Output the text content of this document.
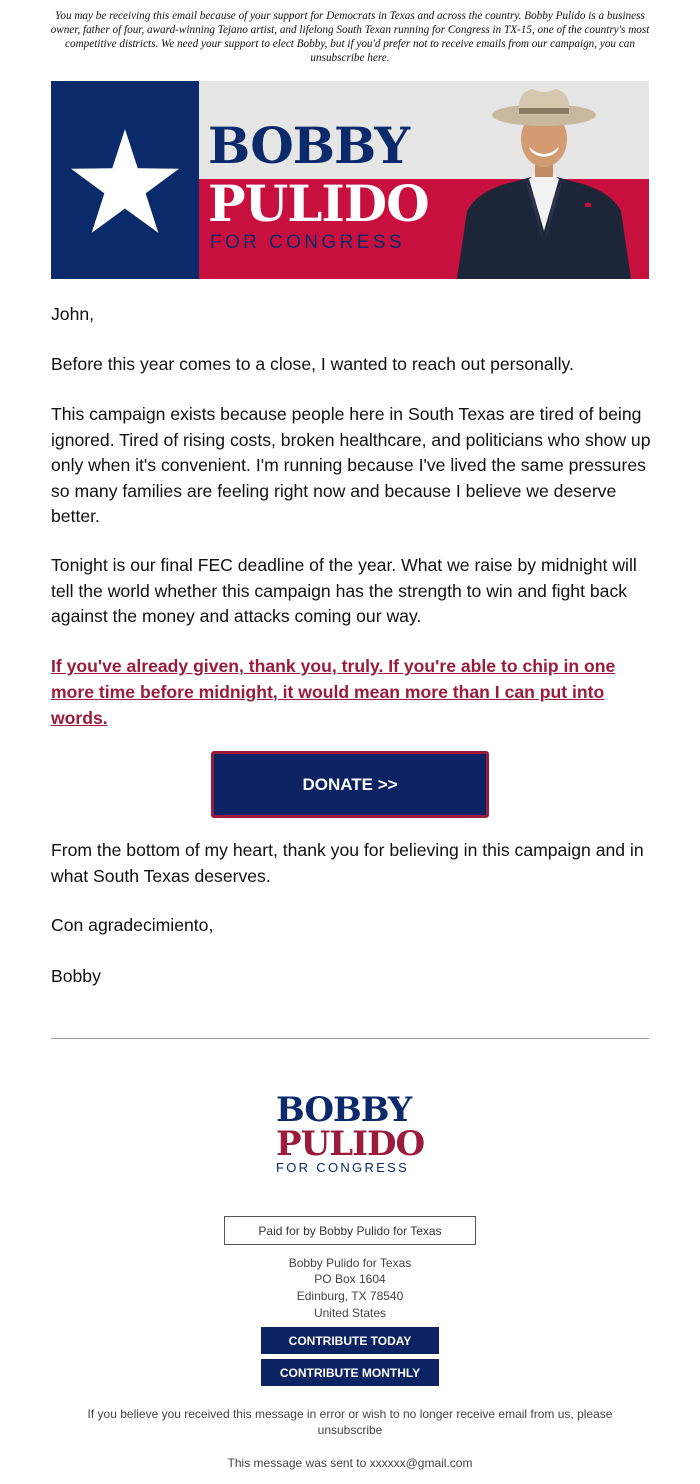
You may be receiving this email because of your support for Democrats in Texas and across the country. Bobby Pulido is a business owner, father of four, award-winning Tejano artist, and lifelong South Texan running for Congress in TX-15, one of the country's most competitive districts. We need your support to elect Bobby, but if you'd prefer not to receive emails from our campaign, you can unsubscribe here.
BOBBY
PULIDO
FOR CONGRESS
John,
Before this year comes to a close, I wanted to reach out personally.
This campaign exists because people here in South Texas are tired of being ignored. Tired of rising costs, broken healthcare, and politicians who show up only when it's convenient. I'm running because I've lived the same pressures so many families are feeling right now and because I believe we deserve better.
Tonight is our final FEC deadline of the year. What we raise by midnight will tell the world whether this campaign has the strength to win and fight back against the money and attacks coming our way.
If you've already given, thank you, truly. If you're able to chip in one more time before midnight, it would mean more than I can put into words.
DONATE >>
From the bottom of my heart, thank you for believing in this campaign and in what South Texas deserves.
Con agradecimiento,
Bobby
BOBBY
PULIDO
FOR CONGRESS
Paid for by Bobby Pulido for Texas
Bobby Pulido for Texas
PO Box 1604
Edinburg, TX 78540
United States
CONTRIBUTE TODAY
CONTRIBUTE MONTHLY
If you believe you received this message in error or wish to no longer receive email from us, please unsubscribe
This message was sent to xxxxxx@gmail.com
